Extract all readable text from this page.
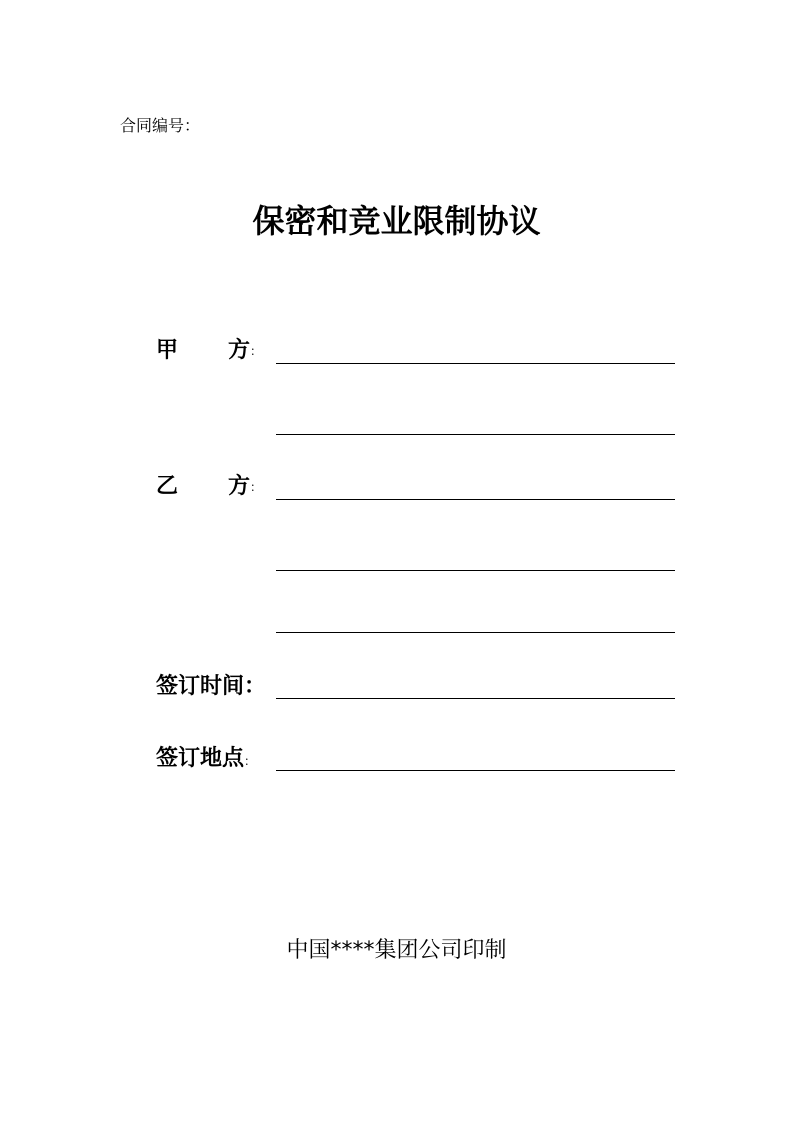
合同编号：
保密和竞业限制协议
甲	方 ：
乙	方 ：
签订时间：
签订地点：
中国****集团公司印制
